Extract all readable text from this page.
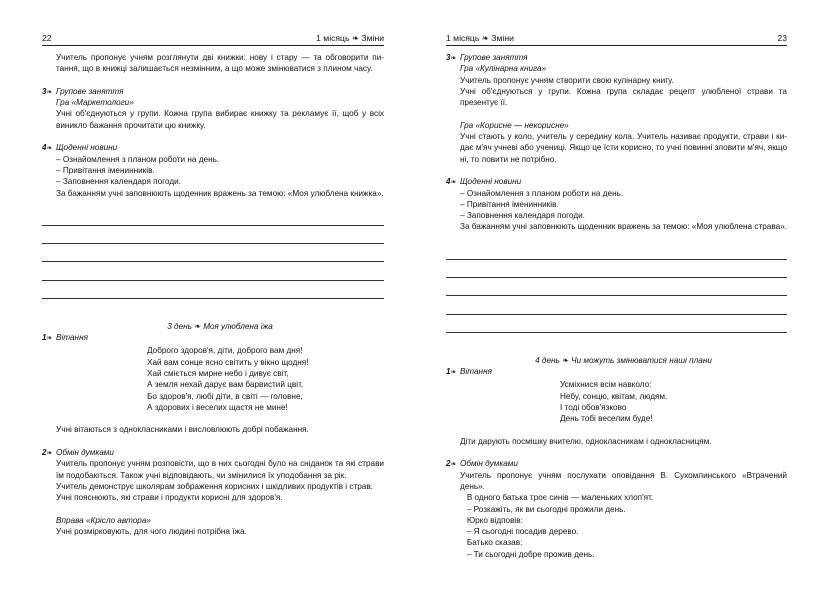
22	1 місяць ❧ Зміни

Учитель пропонує учням розглянути дві книжки: нову і стару — та обговорити пи-

тання, що в книжці залишається незмінним, а що може змінюватися з плином часу.

3❧ Групове заняття

Гра «Маркетологи»

Учні об'єднуються у групи. Кожна група вибирає книжку та рекламує її, щоб у всіх

виникло бажання прочитати цю книжку.

4❧ Щоденні новини

– Ознайомлення з планом роботи на день.

– Привітання іменинників.

– Заповнення календаря погоди.

За бажанням учні заповнюють щоденник вражень за темою: «Моя улюблена книжка».

3 день ❧ Моя улюблена їжа

1❧ Вітання

Доброго здоров'я, діти, доброго вам дня!

Хай вам сонце ясно світить у вікно щодня!

Хай сміється мирне небо і дивує світ,

А земля нехай дарує вам барвистий цвіт,

Бо здоров'я, любі діти, в світі — головне,

А здорових і веселих щастя не мине!

Учні вітаються з однокласниками і висловлюють добрі побажання.

2❧ Обмін думками

Учитель пропонує учням розповісти, що в них сьогодні було на сніданок та які страви

їм подобаються. Також учні відповідають, чи змінилися їх уподобання за рік.

Учитель демонструє школярам зображення корисних і шкідливих продуктів і страв.

Учні пояснюють, які страви і продукти корисні для здоров'я.

Вправа «Крісло автора»

Учні розмірковують, для чого людині потрібна їжа.

1 місяць ❧ Зміни	23

3❧ Групове заняття

Гра «Кулінарна книга»

Учитель пропонує учням створити свою кулінарну книгу.

Учні об'єднуються у групи. Кожна група складає рецепт улюбленої страви та презентує її.

Гра «Корисне — некорисне»

Учні стають у коло, учитель у середину кола. Учитель називає продукти, страви і ки-

дає м'яч учневі або учениці. Якщо це їсти корисно, то учні повинні зловити м'яч, якщо

ні, то ловити не потрібно.

4❧ Щоденні новини

– Ознайомлення з планом роботи на день.

– Привітання іменинників.

– Заповнення календаря погоди.

За бажанням учні заповнюють щоденник вражень за темою: «Моя улюблена страва».

4 день ❧ Чи можуть змінюватися наші плани

1❧ Вітання

Усміхнися всім навколо:

Небу, сонцю, квітам, людям.

І тоді обов'язково

День тобі веселим буде!

Діти дарують посмішку вчителю, однокласникам і однокласницям.

2❧ Обмін думками

Учитель пропонує учням послухати оповідання В. Сухомлинського «Втрачений день».

В одного батька троє синів — маленьких хлоп'ят.

– Розкажіть, як ви сьогодні прожили день.

Юрко відповів:

– Я сьогодні посадив дерево.

Батько сказав:

– Ти сьогодні добре прожив день.
